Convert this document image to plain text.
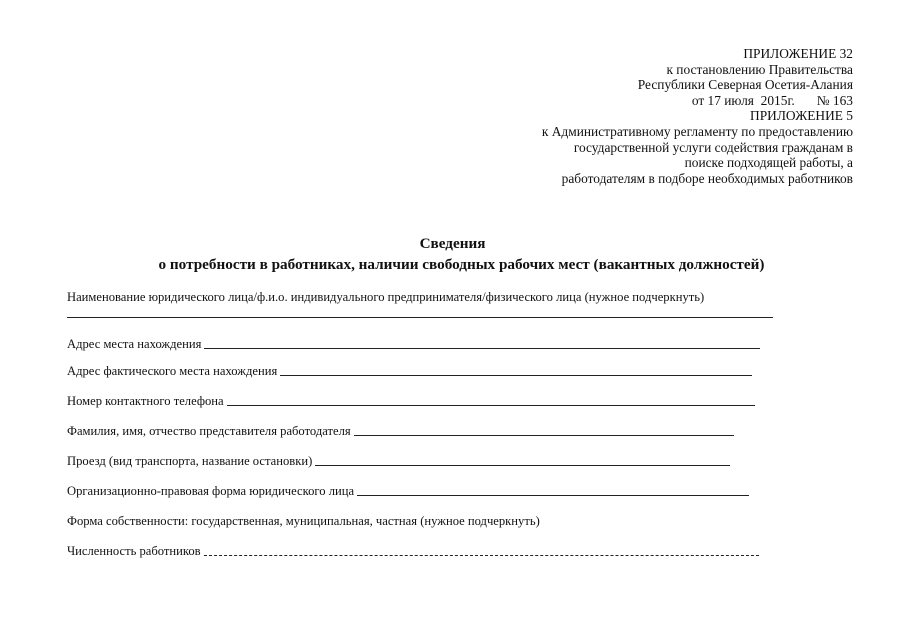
ПРИЛОЖЕНИЕ 32
к постановлению Правительства
Республики Северная Осетия-Алания
от 17 июля 2015г. № 163
ПРИЛОЖЕНИЕ 5
к Административному регламенту по предоставлению
государственной услуги содействия гражданам в
поиске подходящей работы, а
работодателям в подборе необходимых работников
Сведения
о потребности в работниках, наличии свободных рабочих мест (вакантных должностей)
Наименование юридического лица/ф.и.о. индивидуального предпринимателя/физического лица (нужное подчеркнуть)
Адрес места нахождения
Адрес фактического места нахождения
Номер контактного телефона
Фамилия, имя, отчество представителя работодателя
Проезд (вид транспорта, название остановки)
Организационно-правовая форма юридического лица
Форма собственности: государственная, муниципальная, частная (нужное подчеркнуть)
Численность работников
